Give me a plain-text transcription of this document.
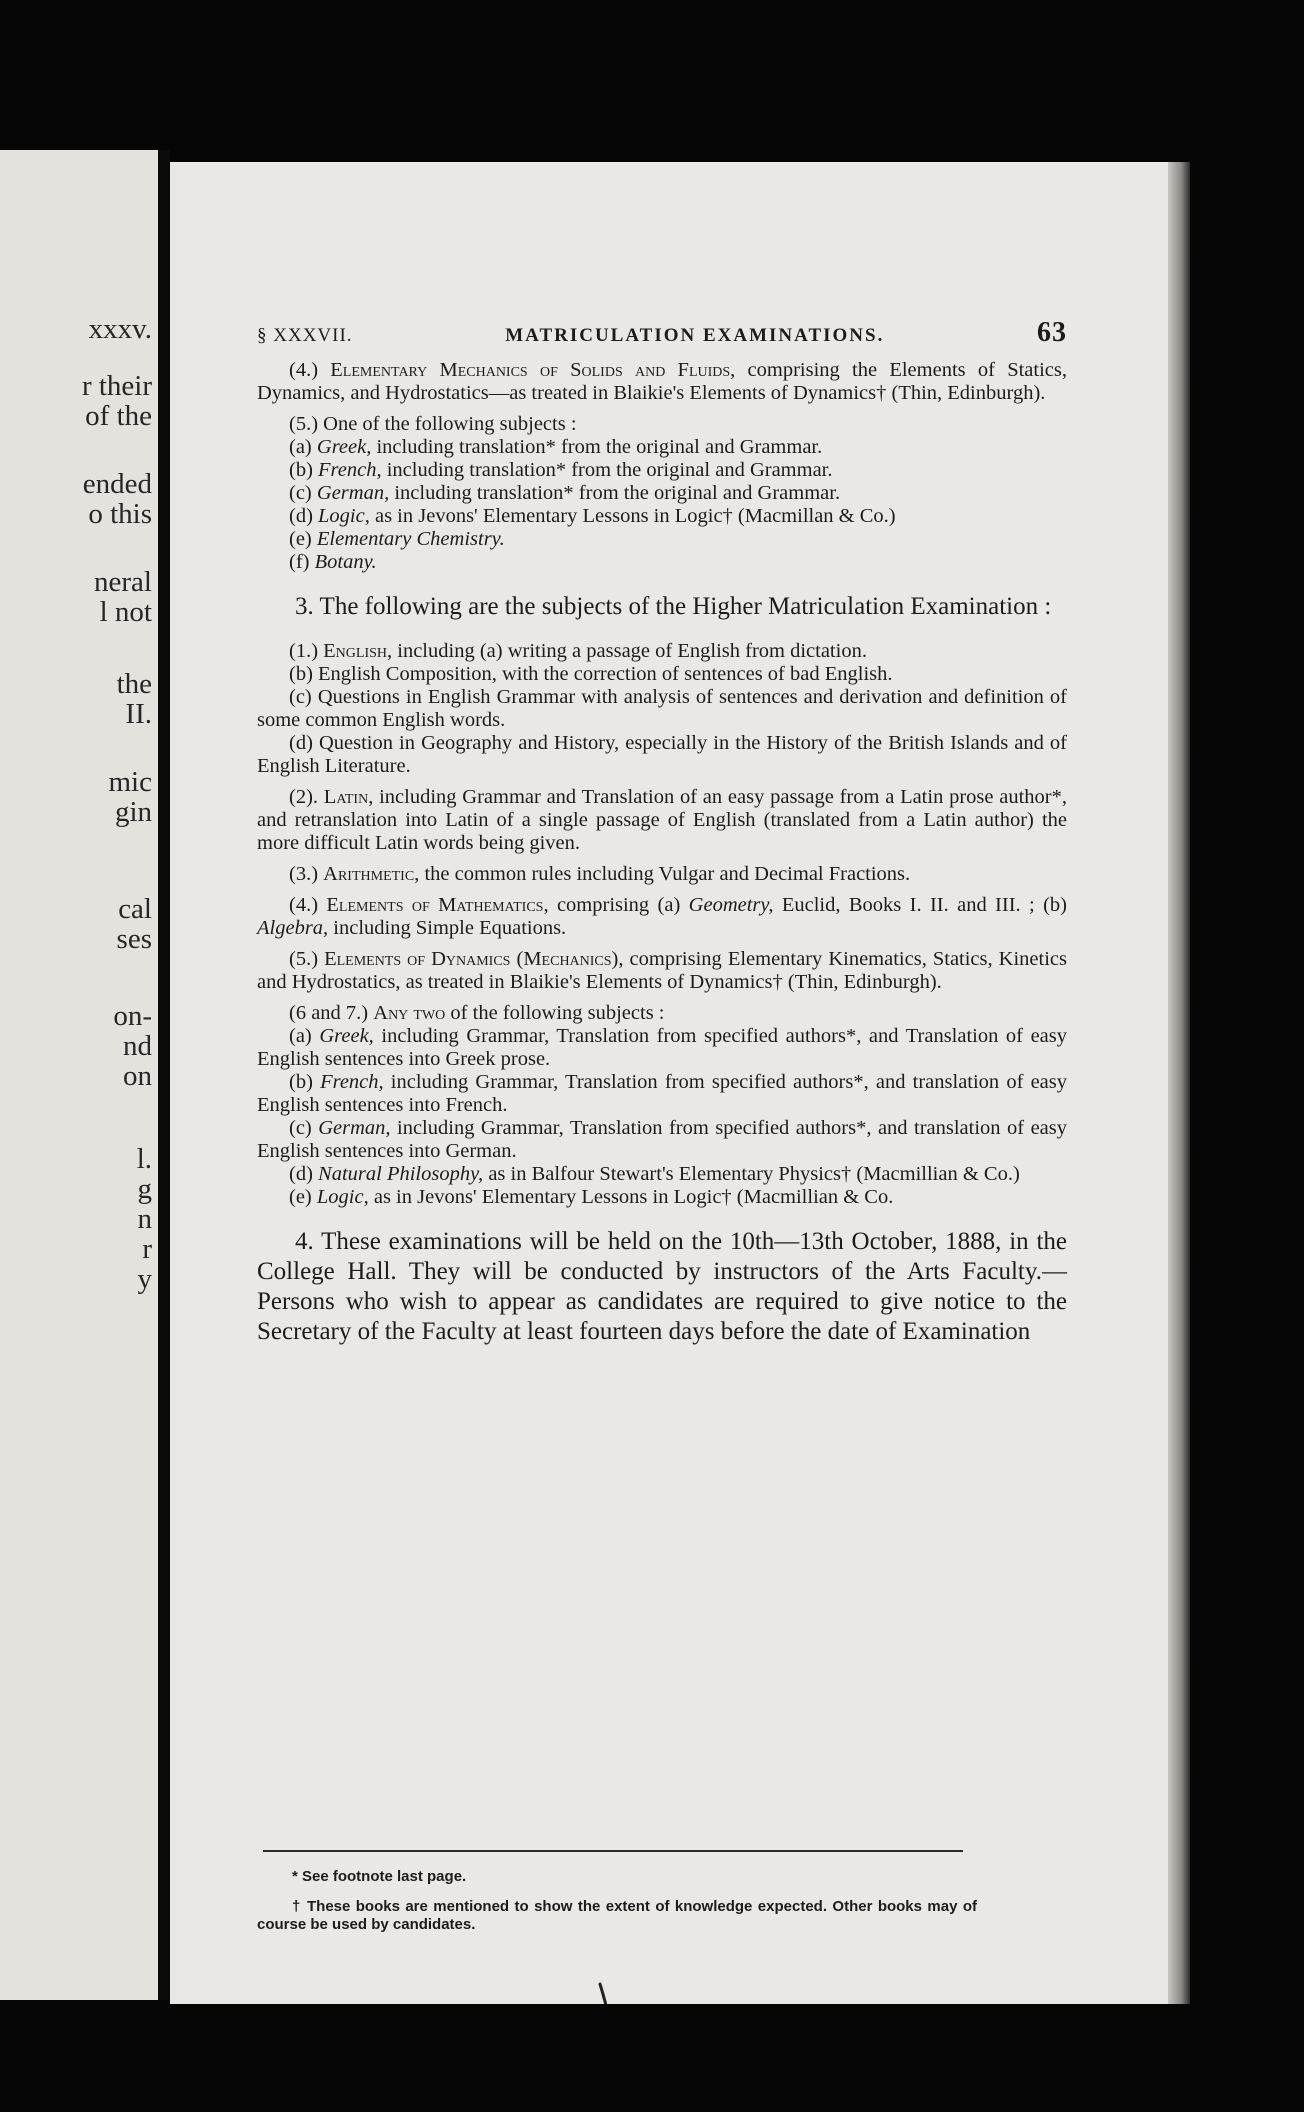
xxxv.
r their
of the
ended
o this
neral
l not
the
II.
mic
gin
cal
ses
on-
nd
on
l.
g
n
r
y
§ XXXVII.	MATRICULATION EXAMINATIONS.	63

(4.) Elementary Mechanics of Solids and Fluids, comprising the Elements of Statics, Dynamics, and Hydrostatics—as treated in Blaikie's Elements of Dynamics† (Thin, Edinburgh).

(5.) One of the following subjects :

(a) Greek, including translation* from the original and Grammar.

(b) French, including translation* from the original and Grammar.

(c) German, including translation* from the original and Grammar.

(d) Logic, as in Jevons' Elementary Lessons in Logic† (Macmillan & Co.)

(e) Elementary Chemistry.

(f) Botany.

3. The following are the subjects of the Higher Matriculation Examination :

(1.) English, including (a) writing a passage of English from dictation.

(b) English Composition, with the correction of sentences of bad English.

(c) Questions in English Grammar with analysis of sentences and derivation and definition of some common English words.

(d) Question in Geography and History, especially in the History of the British Islands and of English Literature.

(2). Latin, including Grammar and Translation of an easy passage from a Latin prose author*, and retranslation into Latin of a single passage of English (translated from a Latin author) the more difficult Latin words being given.

(3.) Arithmetic, the common rules including Vulgar and Decimal Fractions.

(4.) Elements of Mathematics, comprising (a) Geometry, Euclid, Books I. II. and III. ; (b) Algebra, including Simple Equations.

(5.) Elements of Dynamics (Mechanics), comprising Elementary Kinematics, Statics, Kinetics and Hydrostatics, as treated in Blaikie's Elements of Dynamics† (Thin, Edinburgh).

(6 and 7.) Any two of the following subjects :

(a) Greek, including Grammar, Translation from specified authors*, and Translation of easy English sentences into Greek prose.

(b) French, including Grammar, Translation from specified authors*, and translation of easy English sentences into French.

(c) German, including Grammar, Translation from specified authors*, and translation of easy English sentences into German.

(d) Natural Philosophy, as in Balfour Stewart's Elementary Physics† (Macmillian & Co.)

(e) Logic, as in Jevons' Elementary Lessons in Logic† (Macmillian & Co.

4. These examinations will be held on the 10th—13th October, 1888, in the College Hall. They will be conducted by instructors of the Arts Faculty.—Persons who wish to appear as candidates are required to give notice to the Secretary of the Faculty at least fourteen days before the date of Examination

* See footnote last page.

† These books are mentioned to show the extent of knowledge expected. Other books may of course be used by candidates.
